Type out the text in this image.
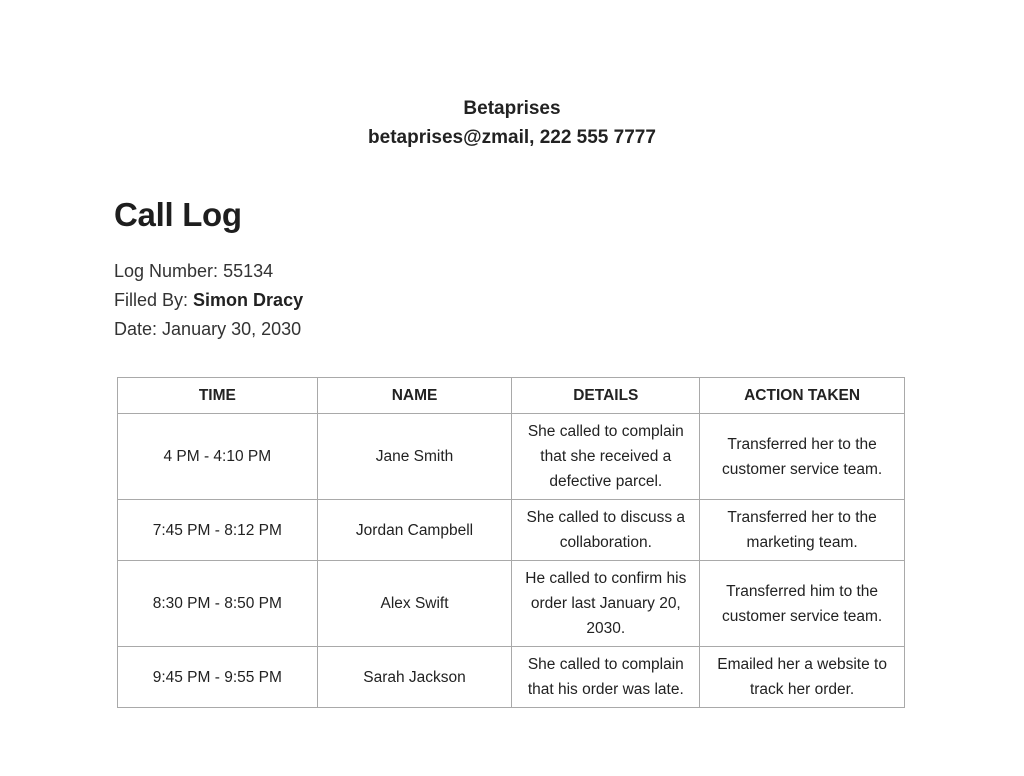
Betaprises
betaprises@zmail, 222 555 7777
Call Log
Log Number: 55134
Filled By: Simon Dracy
Date: January 30, 2030
TIME	NAME	DETAILS	ACTION TAKEN
4 PM - 4:10 PM	Jane Smith	She called to complain that she received a defective parcel.	Transferred her to the customer service team.
7:45 PM - 8:12 PM	Jordan Campbell	She called to discuss a collaboration.	Transferred her to the marketing team.
8:30 PM - 8:50 PM	Alex Swift	He called to confirm his order last January 20, 2030.	Transferred him to the customer service team.
9:45 PM - 9:55 PM	Sarah Jackson	She called to complain that his order was late.	Emailed her a website to track her order.
